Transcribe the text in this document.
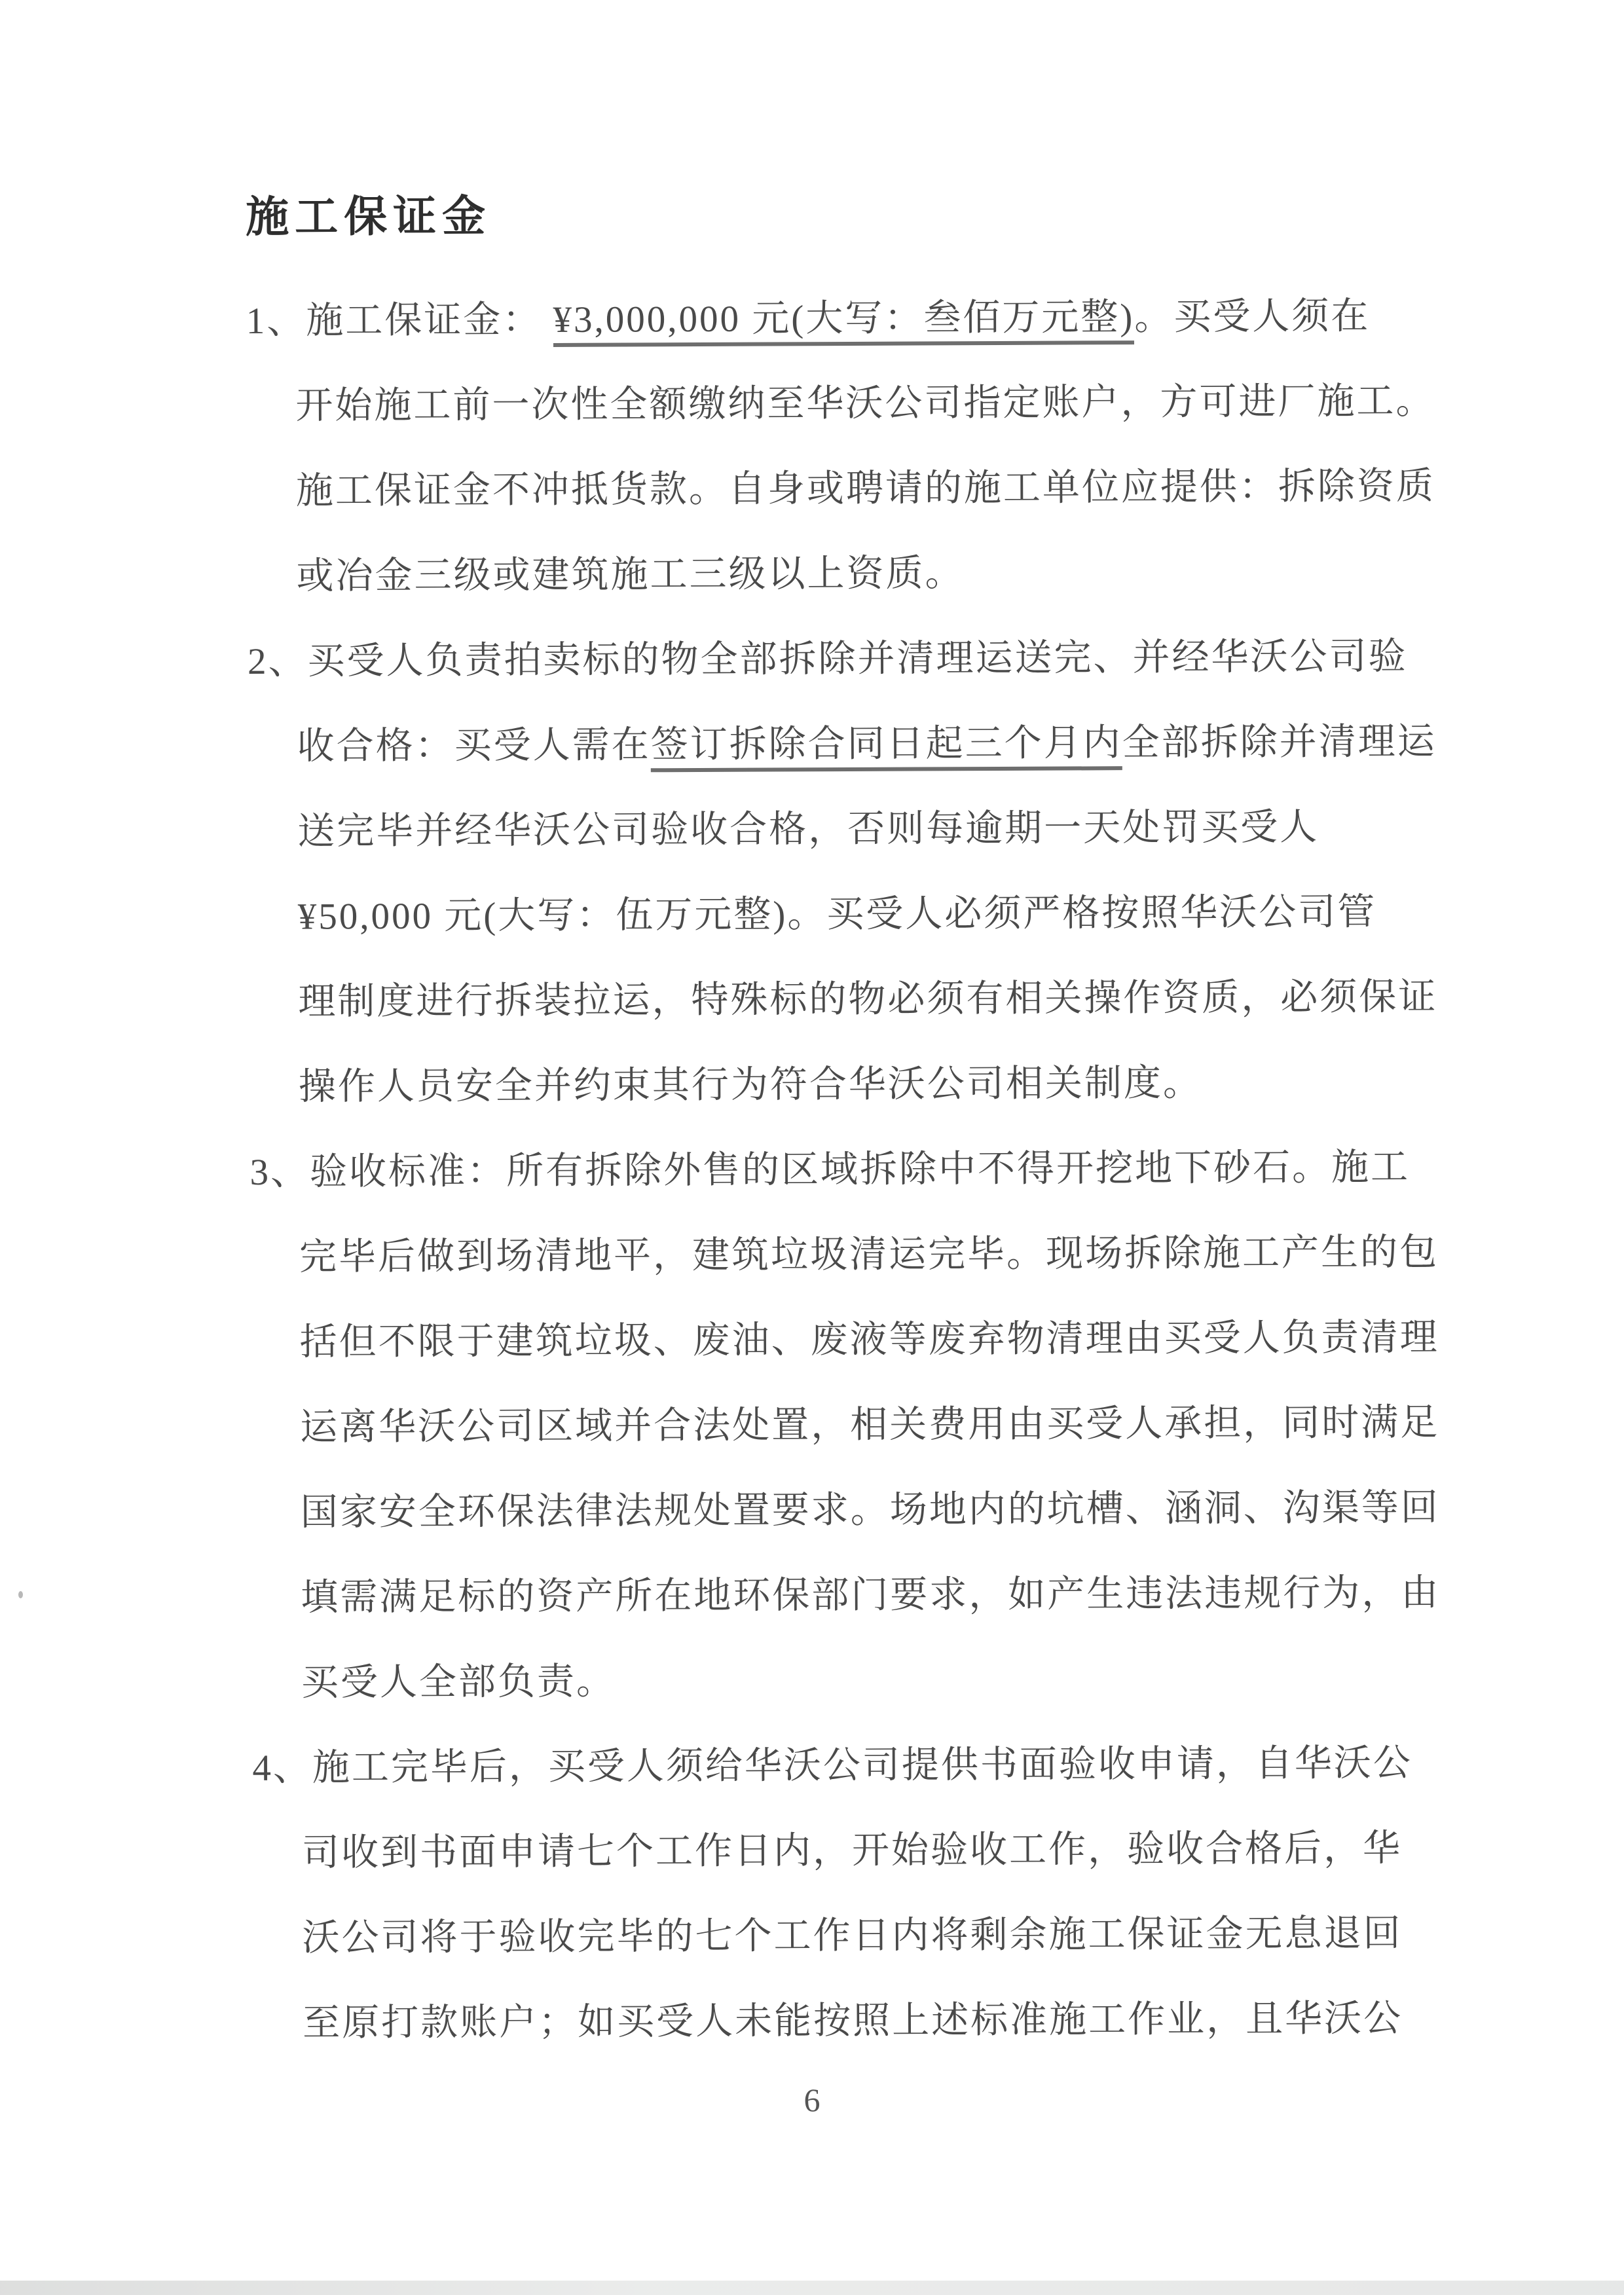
施工保证金
1、施工保证金： ¥3,000,000 元(大写：叁佰万元整)。买受人须在
开始施工前一次性全额缴纳至华沃公司指定账户，方可进厂施工。
施工保证金不冲抵货款。自身或聘请的施工单位应提供：拆除资质
或冶金三级或建筑施工三级以上资质。
2、买受人负责拍卖标的物全部拆除并清理运送完、并经华沃公司验
收合格：买受人需在签订拆除合同日起三个月内全部拆除并清理运
送完毕并经华沃公司验收合格，否则每逾期一天处罚买受人
¥50,000 元(大写：伍万元整)。买受人必须严格按照华沃公司管
理制度进行拆装拉运，特殊标的物必须有相关操作资质，必须保证
操作人员安全并约束其行为符合华沃公司相关制度。
3、验收标准：所有拆除外售的区域拆除中不得开挖地下砂石。施工
完毕后做到场清地平，建筑垃圾清运完毕。现场拆除施工产生的包
括但不限于建筑垃圾、废油、废液等废弃物清理由买受人负责清理
运离华沃公司区域并合法处置，相关费用由买受人承担，同时满足
国家安全环保法律法规处置要求。场地内的坑槽、涵洞、沟渠等回
填需满足标的资产所在地环保部门要求，如产生违法违规行为，由
买受人全部负责。
4、施工完毕后，买受人须给华沃公司提供书面验收申请，自华沃公
司收到书面申请七个工作日内，开始验收工作，验收合格后，华
沃公司将于验收完毕的七个工作日内将剩余施工保证金无息退回
至原打款账户；如买受人未能按照上述标准施工作业，且华沃公
6
